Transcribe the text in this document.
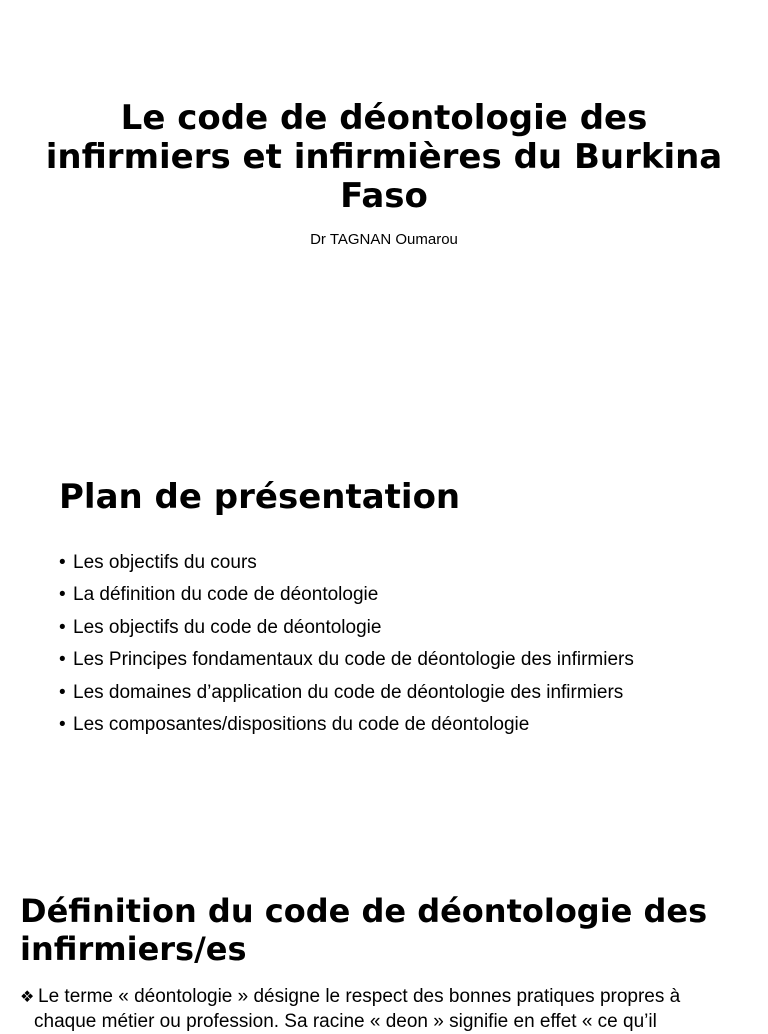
Le code de déontologie des infirmiers et infirmières du Burkina Faso

Dr TAGNAN Oumarou

Plan de présentation
• Les objectifs du cours
• La définition du code de déontologie
• Les objectifs du code de déontologie
• Les Principes fondamentaux du code de déontologie des infirmiers
• Les domaines d’application du code de déontologie des infirmiers
• Les composantes/dispositions du code de déontologie
Définition du code de déontologie des infirmiers/es

❖ Le terme « déontologie » désigne le respect des bonnes pratiques propres à
chaque métier ou profession. Sa racine « deon » signifie en effet « ce qu’il
